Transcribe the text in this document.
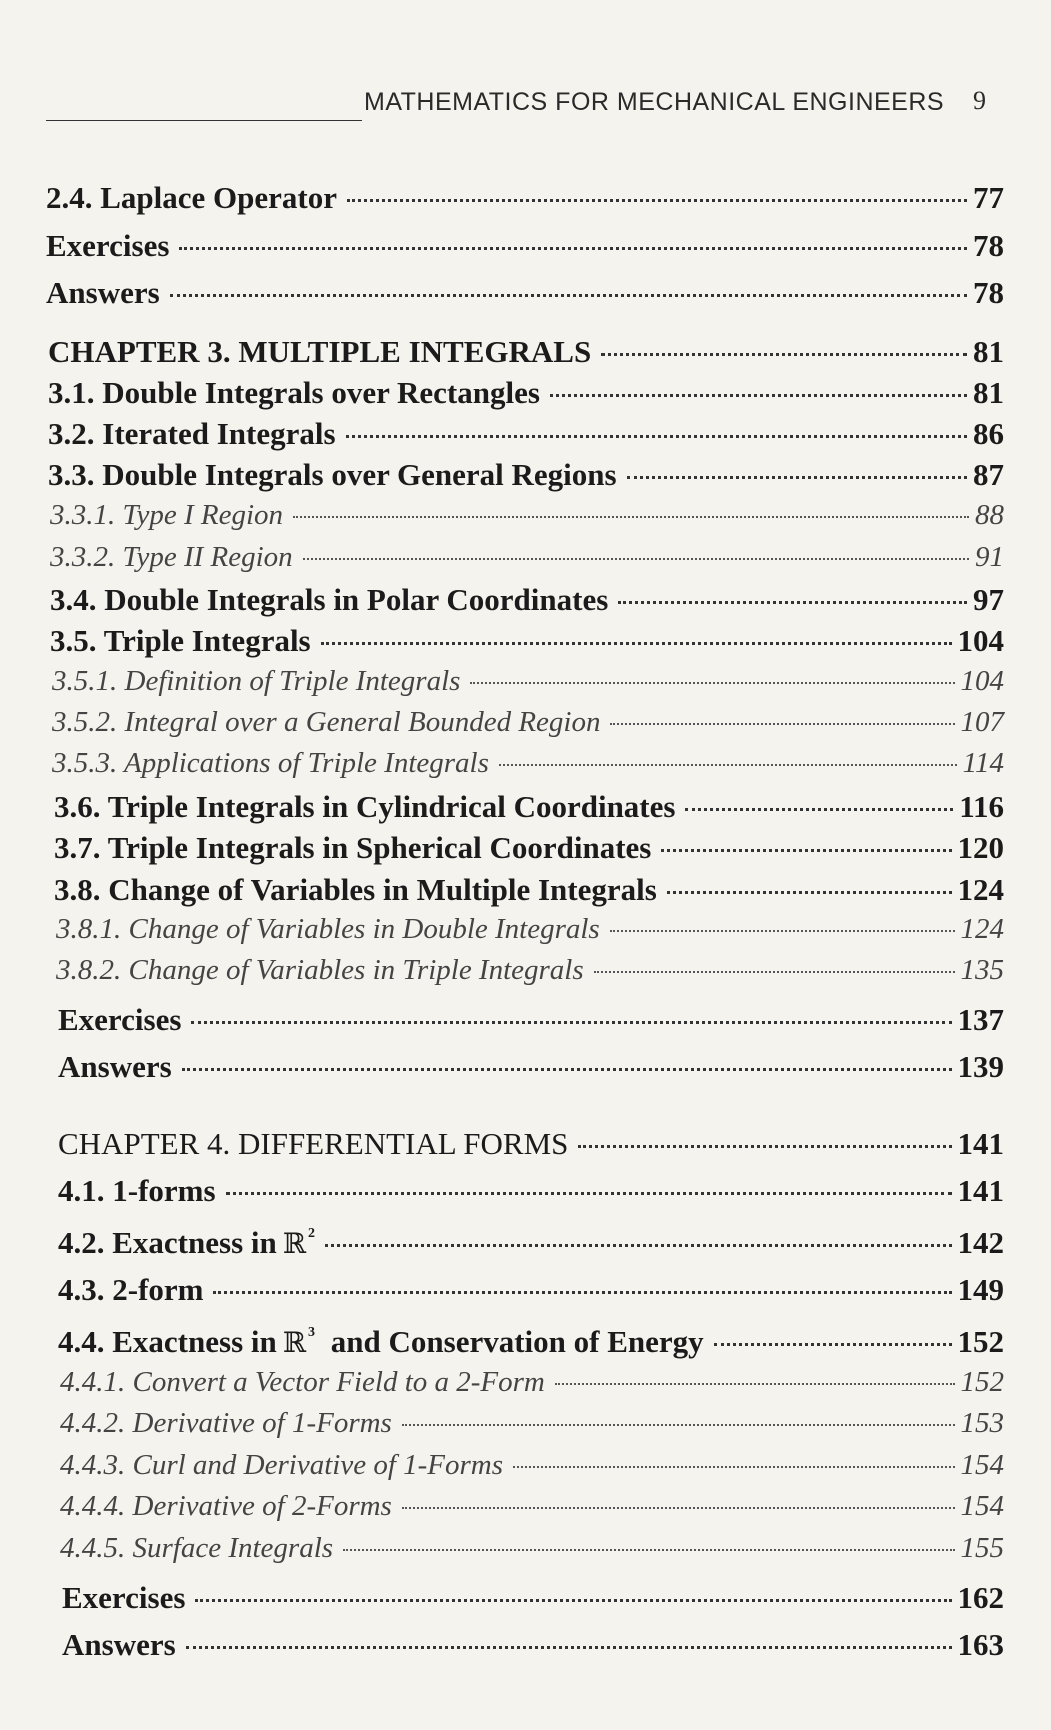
MATHEMATICS FOR MECHANICAL ENGINEERS 9
2.4. Laplace Operator	77
Exercises	78
Answers	78
CHAPTER 3. MULTIPLE INTEGRALS	81
3.1. Double Integrals over Rectangles	81
3.2. Iterated Integrals	86
3.3. Double Integrals over General Regions	87
3.3.1. Type I Region	88
3.3.2. Type II Region	91
3.4. Double Integrals in Polar Coordinates	97
3.5. Triple Integrals	104
3.5.1. Definition of Triple Integrals	104
3.5.2. Integral over a General Bounded Region	107
3.5.3. Applications of Triple Integrals	114
3.6. Triple Integrals in Cylindrical Coordinates	116
3.7. Triple Integrals in Spherical Coordinates	120
3.8. Change of Variables in Multiple Integrals	124
3.8.1. Change of Variables in Double Integrals	124
3.8.2. Change of Variables in Triple Integrals	135
Exercises	137
Answers	139
CHAPTER 4. DIFFERENTIAL FORMS	141
4.1. 1-forms	141
4.2. Exactness in ℝ $^2$	142
4.3. 2-form	149
4.4. Exactness in ℝ $^3$ and Conservation of Energy	152
4.4.1. Convert a Vector Field to a 2-Form	152
4.4.2. Derivative of 1-Forms	153
4.4.3. Curl and Derivative of 1-Forms	154
4.4.4. Derivative of 2-Forms	154
4.4.5. Surface Integrals	155
Exercises	162
Answers	163
